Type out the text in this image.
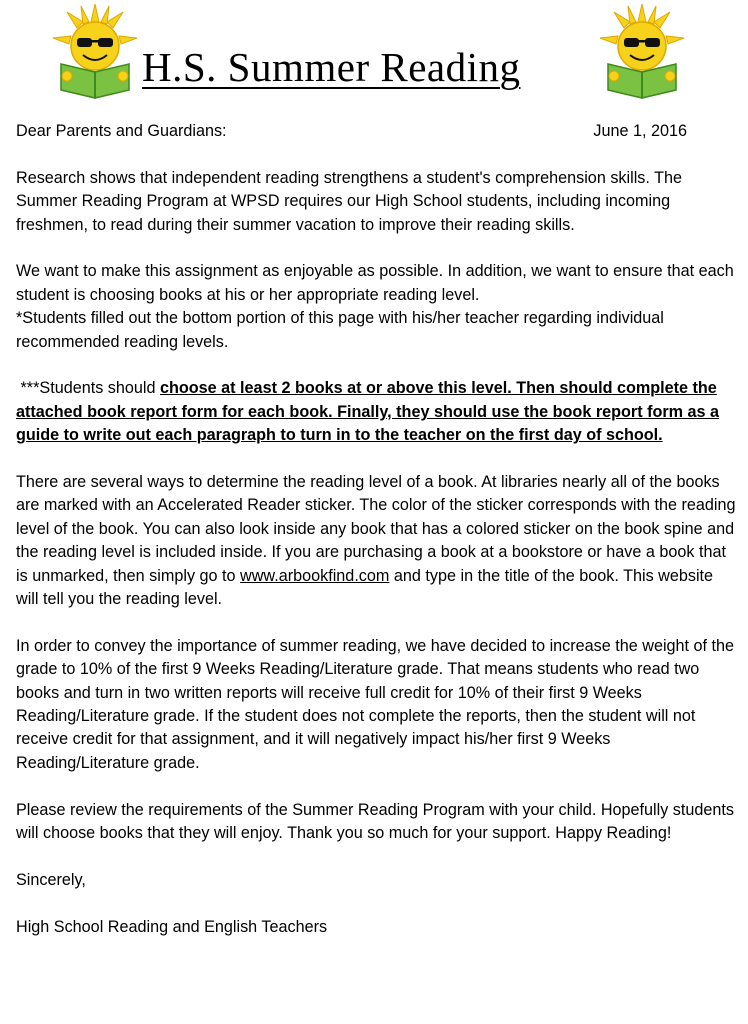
H.S. Summer Reading
Dear Parents and Guardians:	June 1, 2016

Research shows that independent reading strengthens a student's comprehension skills. The Summer Reading Program at WPSD requires our High School students, including incoming freshmen, to read during their summer vacation to improve their reading skills.

We want to make this assignment as enjoyable as possible. In addition, we want to ensure that each student is choosing books at his or her appropriate reading level.
*Students filled out the bottom portion of this page with his/her teacher regarding individual recommended reading levels.

***Students should choose at least 2 books at or above this level. Then should complete the attached book report form for each book. Finally, they should use the book report form as a guide to write out each paragraph to turn in to the teacher on the first day of school.

There are several ways to determine the reading level of a book. At libraries nearly all of the books are marked with an Accelerated Reader sticker. The color of the sticker corresponds with the reading level of the book. You can also look inside any book that has a colored sticker on the book spine and the reading level is included inside. If you are purchasing a book at a bookstore or have a book that is unmarked, then simply go to www.arbookfind.com and type in the title of the book. This website will tell you the reading level.

In order to convey the importance of summer reading, we have decided to increase the weight of the grade to 10% of the first 9 Weeks Reading/Literature grade. That means students who read two books and turn in two written reports will receive full credit for 10% of their first 9 Weeks Reading/Literature grade. If the student does not complete the reports, then the student will not receive credit for that assignment, and it will negatively impact his/her first 9 Weeks Reading/Literature grade.

Please review the requirements of the Summer Reading Program with your child. Hopefully students will choose books that they will enjoy. Thank you so much for your support. Happy Reading!

Sincerely,

High School Reading and English Teachers
